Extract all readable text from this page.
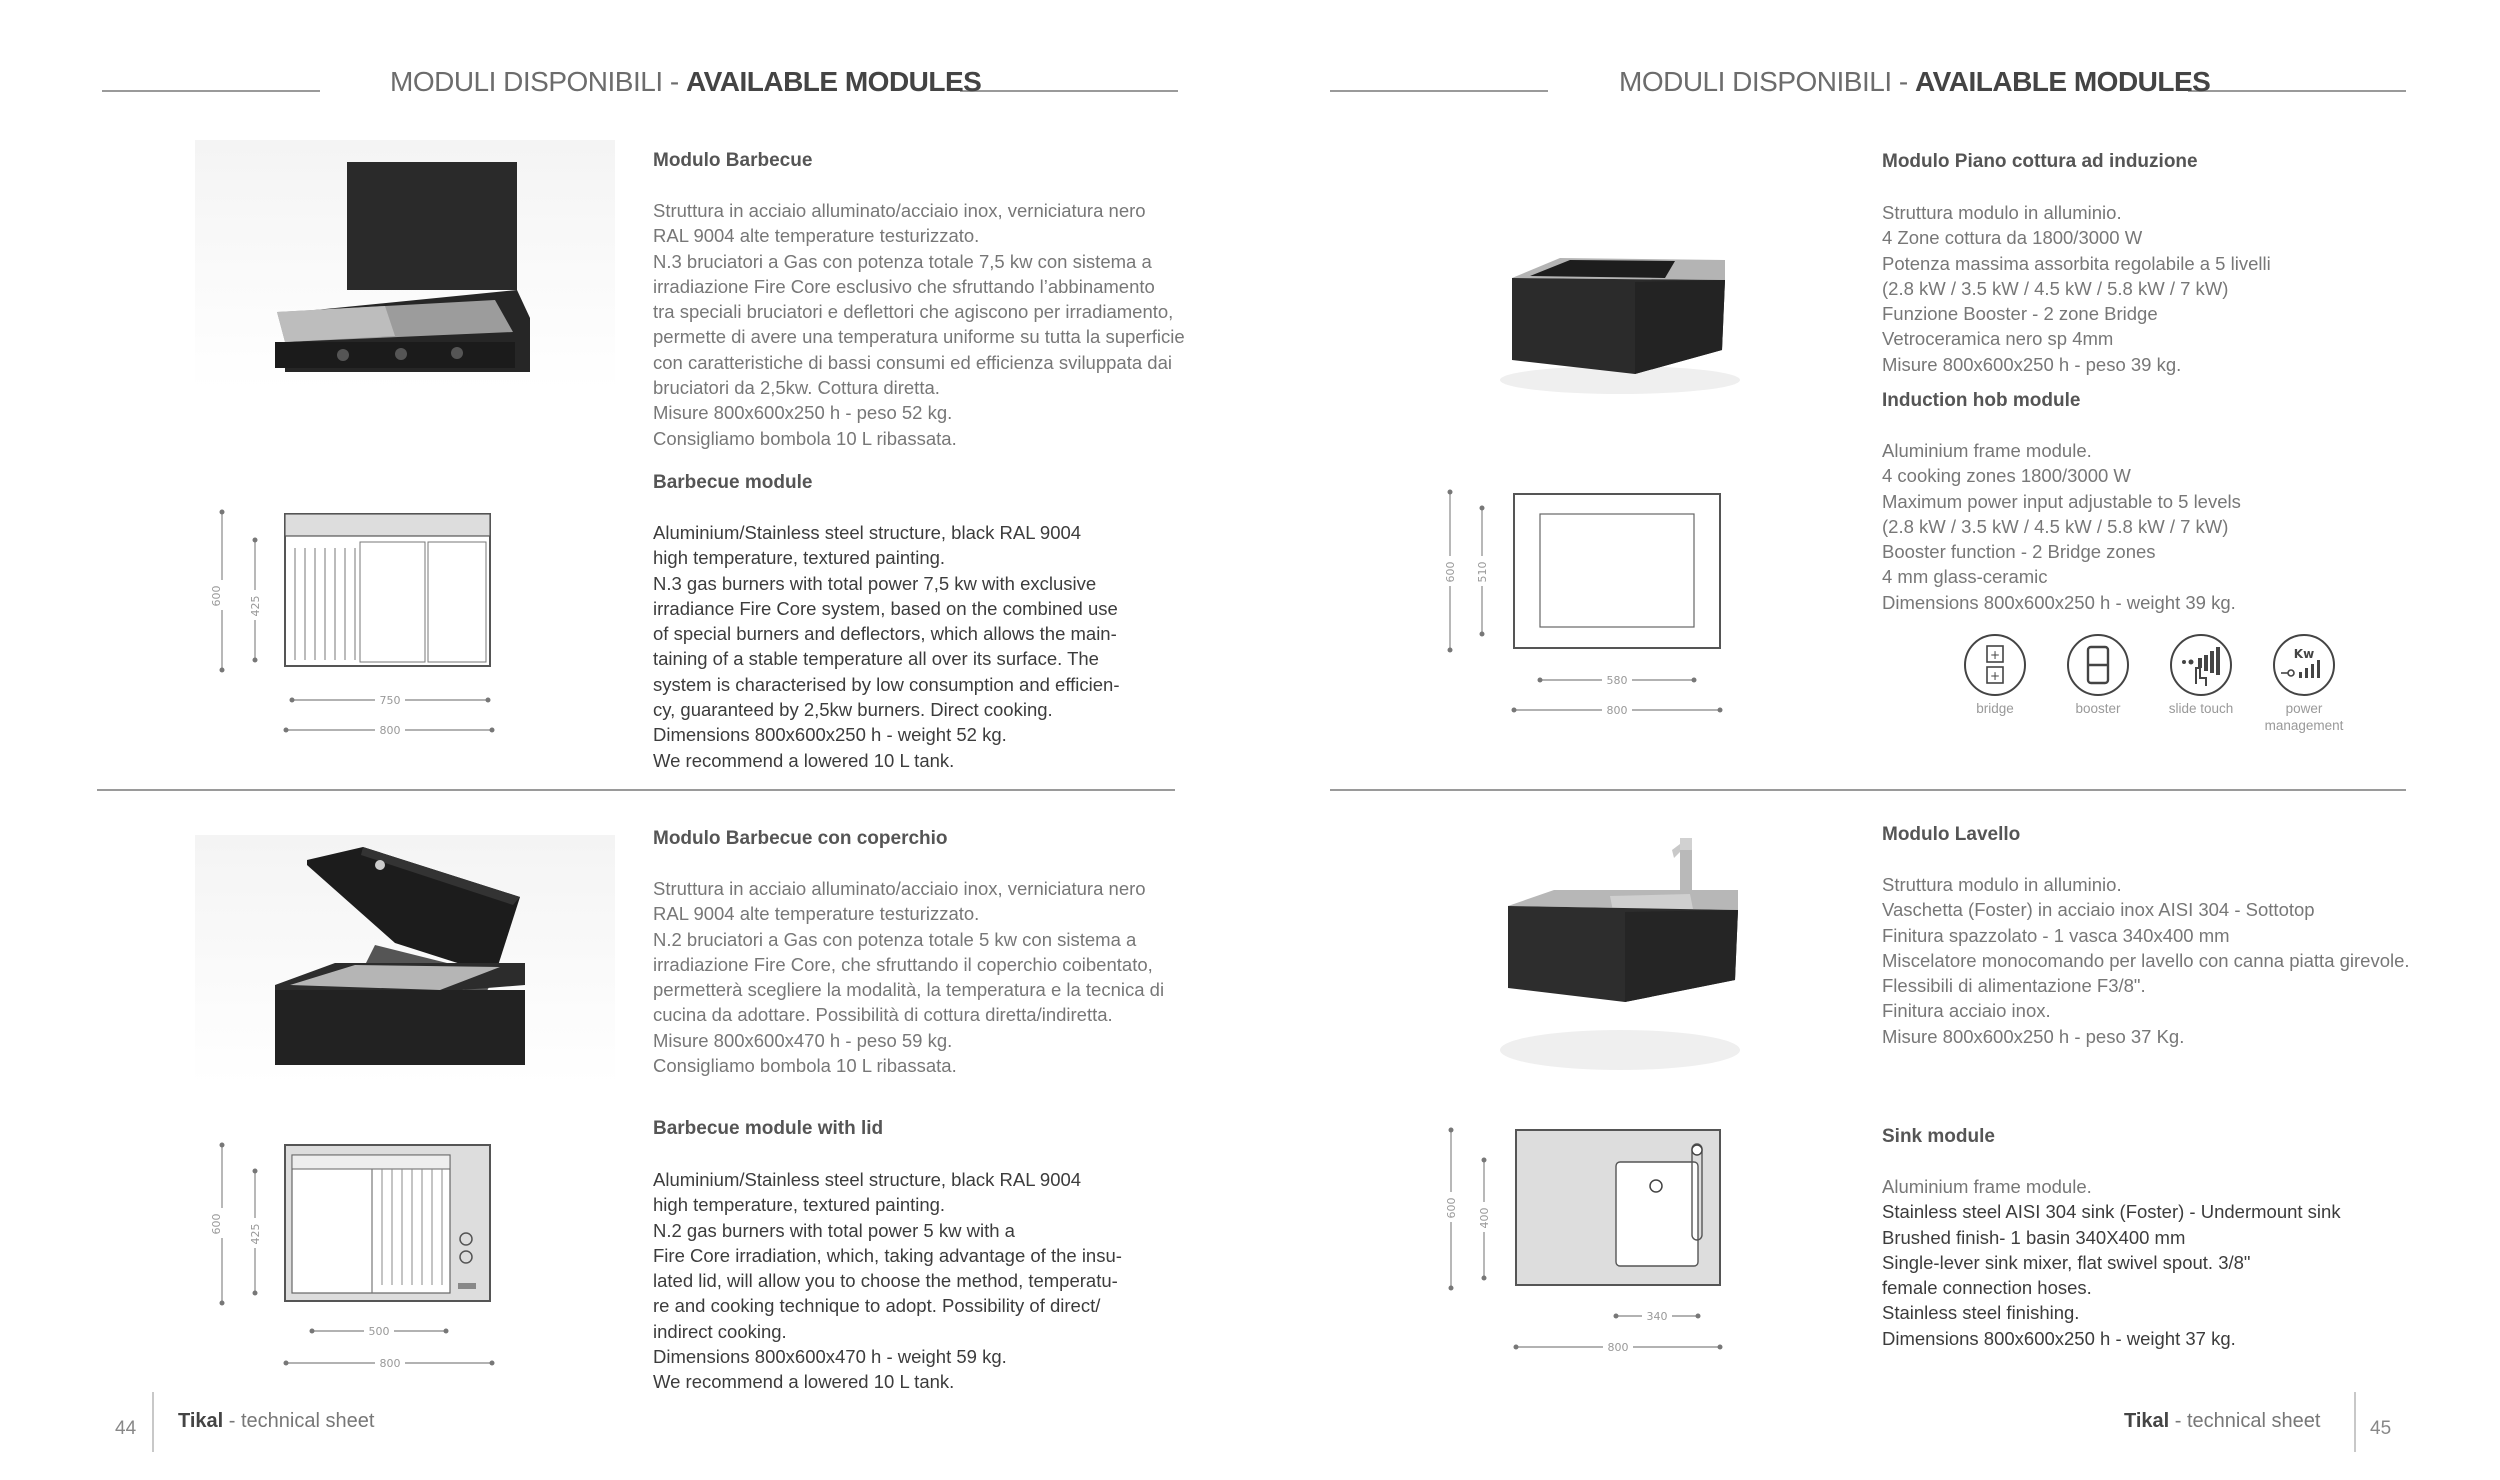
MODULI DISPONIBILI - AVAILABLE MODULES
600 425
750
800
Modulo Barbecue
Struttura in acciaio alluminato/acciaio inox, verniciatura nero
RAL 9004 alte temperature testurizzato.
N.3 bruciatori a Gas con potenza totale 7,5 kw con sistema a
irradiazione Fire Core esclusivo che sfruttando l’abbinamento
tra speciali bruciatori e deflettori che agiscono per irradiamento,
permette di avere una temperatura uniforme su tutta la superficie
con caratteristiche di bassi consumi ed efficienza sviluppata dai
bruciatori da 2,5kw. Cottura diretta.
Misure 800x600x250 h - peso 52 kg.
Consigliamo bombola 10 L ribassata.
Barbecue module
Aluminium/Stainless steel structure, black RAL 9004
high temperature, textured painting.
N.3 gas burners with total power 7,5 kw with exclusive
irradiance Fire Core system, based on the combined use
of special burners and deflectors, which allows the main-
taining of a stable temperature all over its surface. The
system is characterised by low consumption and efficien-
cy, guaranteed by 2,5kw burners. Direct cooking.
Dimensions 800x600x250 h - weight 52 kg.
We recommend a lowered 10 L tank.
600 425
500
800
Modulo Barbecue con coperchio
Struttura in acciaio alluminato/acciaio inox, verniciatura nero
RAL 9004 alte temperature testurizzato.
N.2 bruciatori a Gas con potenza totale 5 kw con sistema a
irradiazione Fire Core, che sfruttando il coperchio coibentato,
permetterà scegliere la modalità, la temperatura e la tecnica di
cucina da adottare. Possibilità di cottura diretta/indiretta.
Misure 800x600x470 h - peso 59 kg.
Consigliamo bombola 10 L ribassata.
Barbecue module with lid
Aluminium/Stainless steel structure, black RAL 9004
high temperature, textured painting.
N.2 gas burners with total power 5 kw with a
Fire Core irradiation, which, taking advantage of the insu-
lated lid, will allow you to choose the method, temperatu-
re and cooking technique to adopt. Possibility of direct/
indirect cooking.
Dimensions 800x600x470 h - weight 59 kg.
We recommend a lowered 10 L tank.
44 Tikal - technical sheet
MODULI DISPONIBILI - AVAILABLE MODULES
600 510
580
800
Modulo Piano cottura ad induzione
Struttura modulo in alluminio.
4 Zone cottura da 1800/3000 W
Potenza massima assorbita regolabile a 5 livelli
(2.8 kW / 3.5 kW / 4.5 kW / 5.8 kW / 7 kW)
Funzione Booster - 2 zone Bridge
Vetroceramica nero sp 4mm
Misure 800x600x250 h - peso 39 kg.
Induction hob module
Aluminium frame module.
4 cooking zones 1800/3000 W
Maximum power input adjustable to 5 levels
(2.8 kW / 3.5 kW / 4.5 kW / 5.8 kW / 7 kW)
Booster function - 2 Bridge zones
4 mm glass-ceramic
Dimensions 800x600x250 h - weight 39 kg.
+
+
Kw
bridge	booster	slide touch	power management
600 400
340
800
Modulo Lavello
Struttura modulo in alluminio.
Vaschetta (Foster) in acciaio inox AISI 304 - Sottotop
Finitura spazzolato - 1 vasca 340x400 mm
Miscelatore monocomando per lavello con canna piatta girevole.
Flessibili di alimentazione F3/8".
Finitura acciaio inox.
Misure 800x600x250 h - peso 37 Kg.
Sink module
Aluminium frame module.
Stainless steel AISI 304 sink (Foster) - Undermount sink
Brushed finish- 1 basin 340X400 mm
Single-lever sink mixer, flat swivel spout. 3/8"
female connection hoses.
Stainless steel finishing.
Dimensions 800x600x250 h - weight 37 kg.
Tikal - technical sheet	45
